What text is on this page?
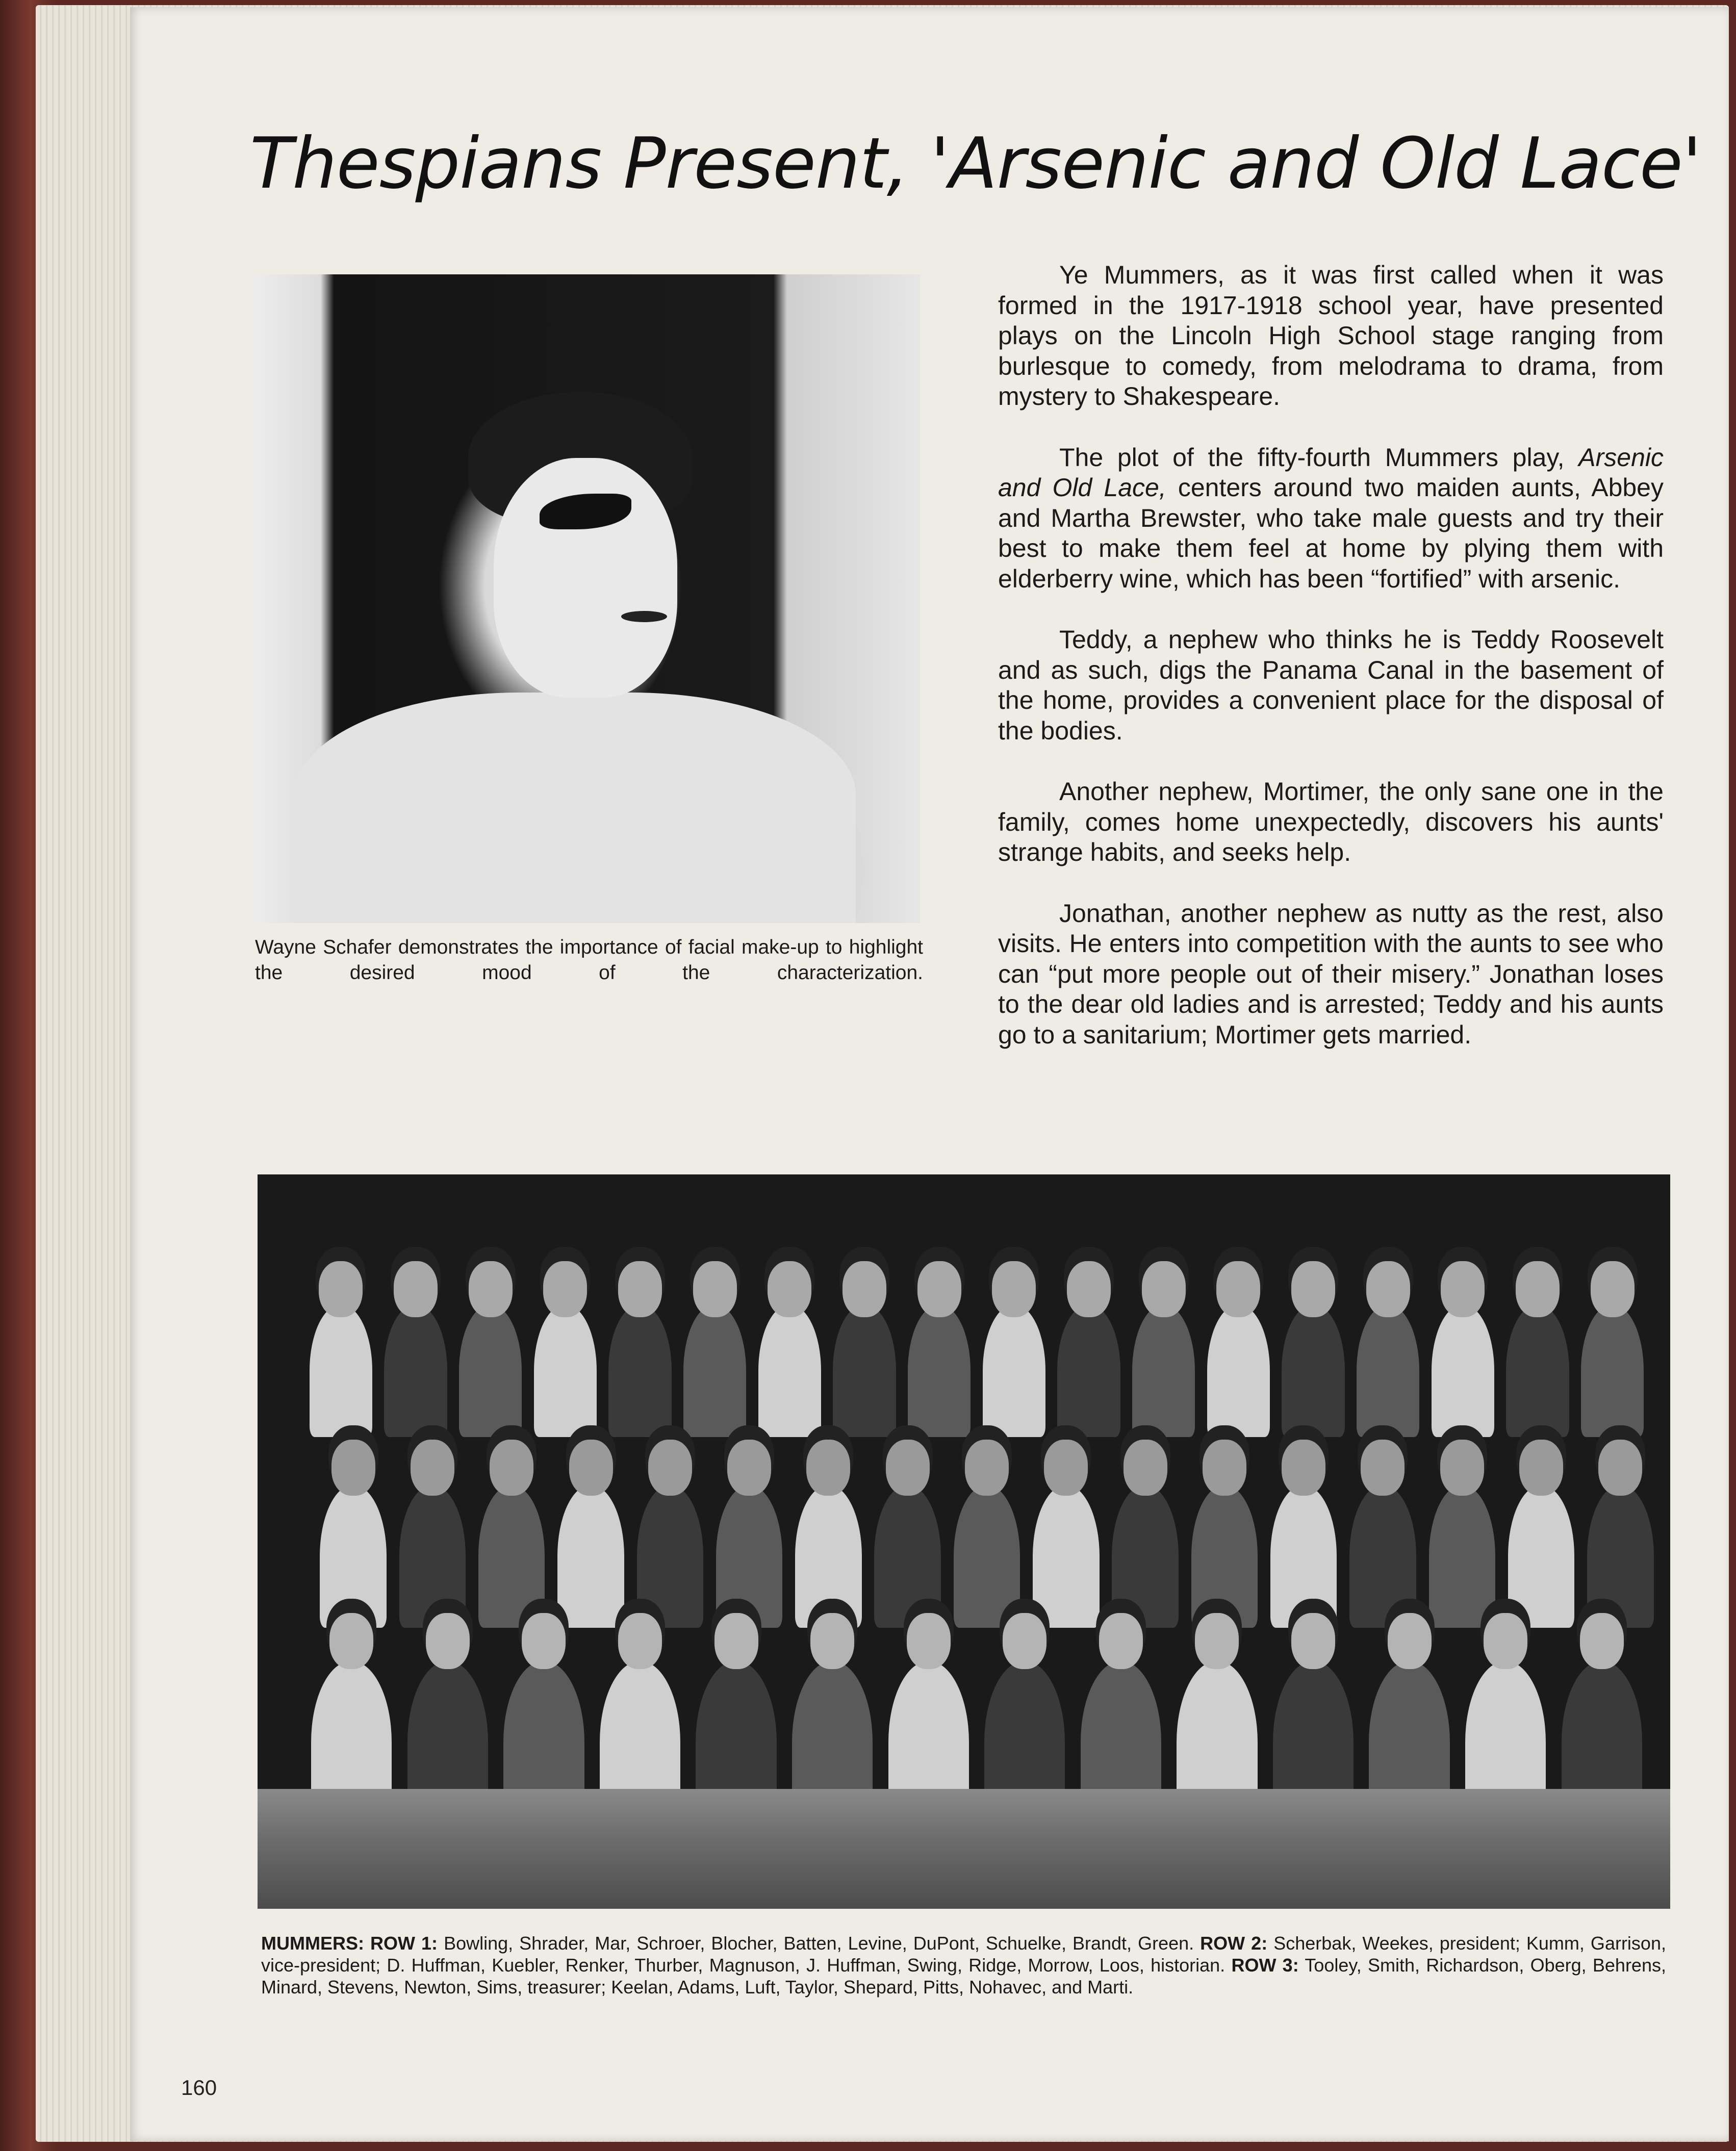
Thespians Present, 'Arsenic and Old Lace'
Wayne Schafer demonstrates the importance of facial make-up to highlight the desired mood of the characterization.

Ye Mummers, as it was first called when it was formed in the 1917-1918 school year, have presented plays on the Lincoln High School stage ranging from burlesque to comedy, from melodrama to drama, from mystery to Shakespeare.

The plot of the fifty-fourth Mummers play, Arsenic and Old Lace, centers around two maiden aunts, Abbey and Martha Brewster, who take male guests and try their best to make them feel at home by plying them with elderberry wine, which has been “fortified” with arsenic.

Teddy, a nephew who thinks he is Teddy Roosevelt and as such, digs the Panama Canal in the basement of the home, provides a convenient place for the disposal of the bodies.

Another nephew, Mortimer, the only sane one in the family, comes home unexpectedly, discovers his aunts' strange habits, and seeks help.

Jonathan, another nephew as nutty as the rest, also visits. He enters into competition with the aunts to see who can “put more people out of their misery.” Jonathan loses to the dear old ladies and is arrested; Teddy and his aunts go to a sanitarium; Mortimer gets married.

MUMMERS: ROW 1: Bowling, Shrader, Mar, Schroer, Blocher, Batten, Levine, DuPont, Schuelke, Brandt, Green. ROW 2: Scherbak, Weekes, president; Kumm, Garrison, vice-president; D. Huffman, Kuebler, Renker, Thurber, Magnuson, J. Huffman, Swing, Ridge, Morrow, Loos, historian. ROW 3: Tooley, Smith, Richardson, Oberg, Behrens, Minard, Stevens, Newton, Sims, treasurer; Keelan, Adams, Luft, Taylor, Shepard, Pitts, Nohavec, and Marti.
160
